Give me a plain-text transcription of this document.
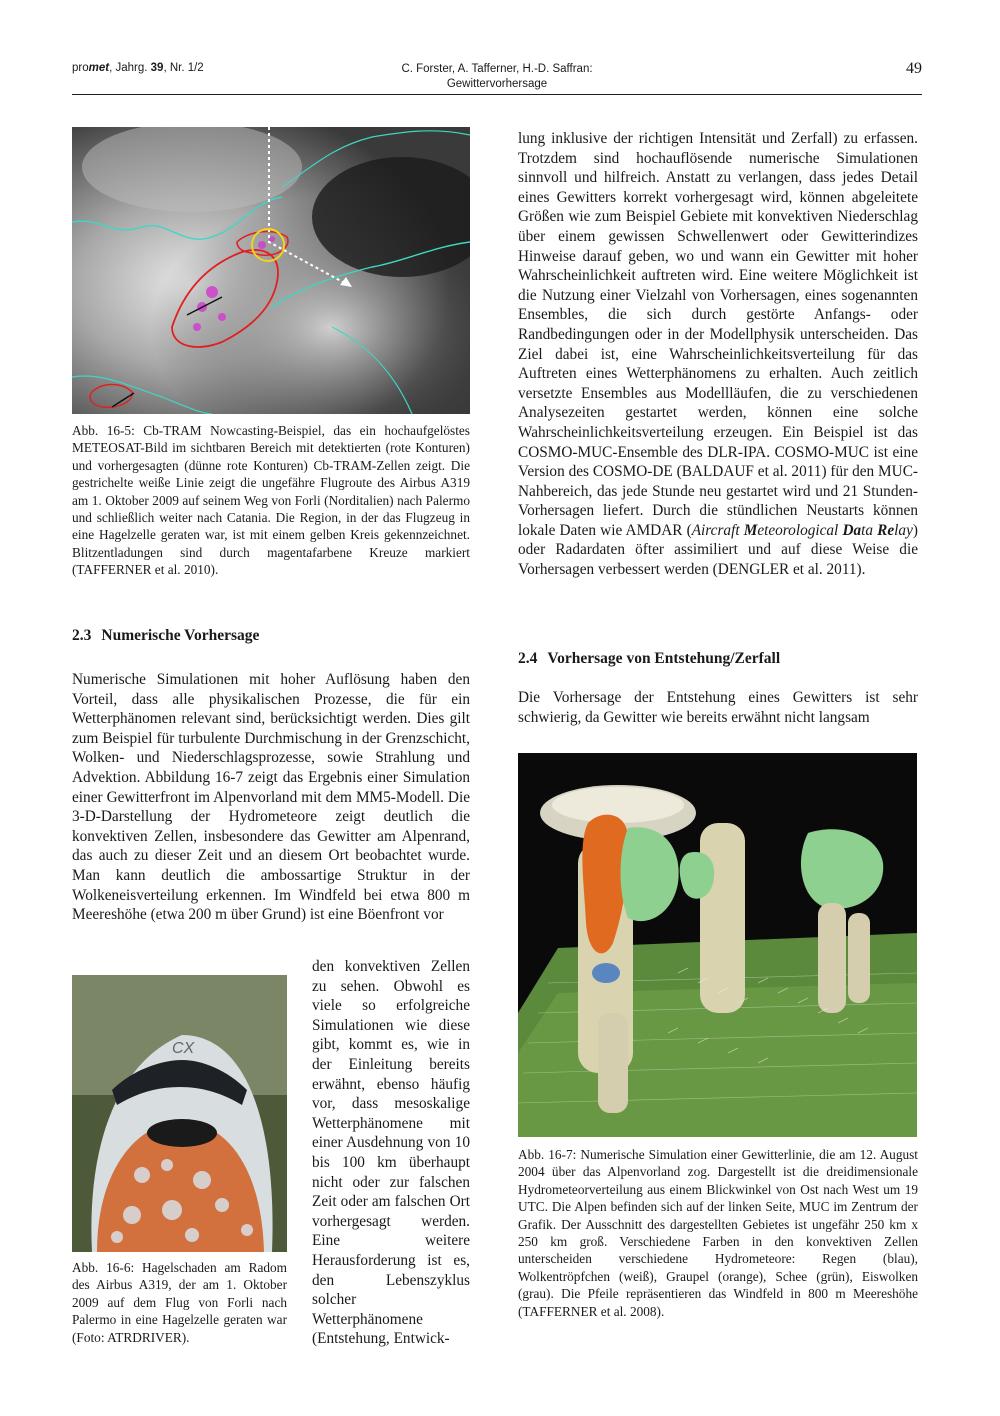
promet, Jahrg. 39, Nr. 1/2	C. Forster, A. Tafferner, H.-D. Saffran:
Gewittervorhersage
49
Abb. 16-5: Cb-TRAM Nowcasting-Beispiel, das ein hochaufgelöstes METEOSAT-Bild im sichtbaren Bereich mit detektierten (rote Konturen) und vorhergesagten (dünne rote Konturen) Cb-TRAM-Zellen zeigt. Die gestrichelte weiße Linie zeigt die ungefähre Flugroute des Airbus A319 am 1. Oktober 2009 auf seinem Weg von Forli (Norditalien) nach Palermo und schließlich weiter nach Catania. Die Region, in der das Flugzeug in eine Hagelzelle geraten war, ist mit einem gelben Kreis gekennzeichnet. Blitzentladungen sind durch magentafarbene Kreuze markiert (TAFFERNER et al. 2010).
2.3 Numerische Vorhersage

Numerische Simulationen mit hoher Auflösung haben den Vorteil, dass alle physikalischen Prozesse, die für ein Wetterphänomen relevant sind, berücksichtigt werden. Dies gilt zum Beispiel für turbulente Durchmischung in der Grenzschicht, Wolken- und Niederschlagsprozesse, sowie Strahlung und Advektion. Abbildung 16-7 zeigt das Ergebnis einer Simulation einer Gewitterfront im Alpenvorland mit dem MM5-Modell. Die 3-D-Darstellung der Hydrometeore zeigt deutlich die konvektiven Zellen, insbesondere das Gewitter am Alpenrand, das auch zu dieser Zeit und an diesem Ort beobachtet wurde. Man kann deutlich die ambossartige Struktur in der Wolkeneisverteilung erkennen. Im Windfeld bei etwa 800 m Meereshöhe (etwa 200 m über Grund) ist eine Böenfront vor

CX
Abb. 16-6: Hagelschaden am Radom des Airbus A319, der am 1. Oktober 2009 auf dem Flug von Forli nach Palermo in eine Hagelzelle geraten war (Foto: ATRDRIVER).

den konvektiven Zellen zu sehen. Obwohl es viele so erfolgreiche Simulationen wie diese gibt, kommt es, wie in der Einleitung bereits erwähnt, ebenso häufig vor, dass mesoskalige Wetterphänomene mit einer Ausdehnung von 10 bis 100 km überhaupt nicht oder zur falschen Zeit oder am falschen Ort vorhergesagt werden. Eine weitere Herausforderung ist es, den Lebenszyklus solcher Wetterphänomene (Entstehung, Entwick-

lung inklusive der richtigen Intensität und Zerfall) zu erfassen. Trotzdem sind hochauflösende numerische Simulationen sinnvoll und hilfreich. Anstatt zu verlangen, dass jedes Detail eines Gewitters korrekt vorhergesagt wird, können abgeleitete Größen wie zum Beispiel Gebiete mit konvektiven Niederschlag über einem gewissen Schwellenwert oder Gewitterindizes Hinweise darauf geben, wo und wann ein Gewitter mit hoher Wahrscheinlichkeit auftreten wird. Eine weitere Möglichkeit ist die Nutzung einer Vielzahl von Vorhersagen, eines sogenannten Ensembles, die sich durch gestörte Anfangs- oder Randbedingungen oder in der Modellphysik unterscheiden. Das Ziel dabei ist, eine Wahrscheinlichkeitsverteilung für das Auftreten eines Wetterphänomens zu erhalten. Auch zeitlich versetzte Ensembles aus Modellläufen, die zu verschiedenen Analysezeiten gestartet werden, können eine solche Wahrscheinlichkeitsverteilung erzeugen. Ein Beispiel ist das COSMO-MUC-Ensemble des DLR-IPA. COSMO-MUC ist eine Version des COSMO-DE (BALDAUF et al. 2011) für den MUC-Nahbereich, das jede Stunde neu gestartet wird und 21 Stunden-Vorhersagen liefert. Durch die stündlichen Neustarts können lokale Daten wie AMDAR (Aircraft Meteorological Data Relay) oder Radardaten öfter assimiliert und auf diese Weise die Vorhersagen verbessert werden (DENGLER et al. 2011).

2.4 Vorhersage von Entstehung/Zerfall

Die Vorhersage der Entstehung eines Gewitters ist sehr schwierig, da Gewitter wie bereits erwähnt nicht langsam

Abb. 16-7: Numerische Simulation einer Gewitterlinie, die am 12. August 2004 über das Alpenvorland zog. Dargestellt ist die dreidimensionale Hydrometeorverteilung aus einem Blickwinkel von Ost nach West um 19 UTC. Die Alpen befinden sich auf der linken Seite, MUC im Zentrum der Grafik. Der Ausschnitt des dargestellten Gebietes ist ungefähr 250 km x 250 km groß. Verschiedene Farben in den konvektiven Zellen unterscheiden verschiedene Hydrometeore: Regen (blau), Wolkentröpfchen (weiß), Graupel (orange), Schee (grün), Eiswolken (grau). Die Pfeile repräsentieren das Windfeld in 800 m Meereshöhe (TAFFERNER et al. 2008).
